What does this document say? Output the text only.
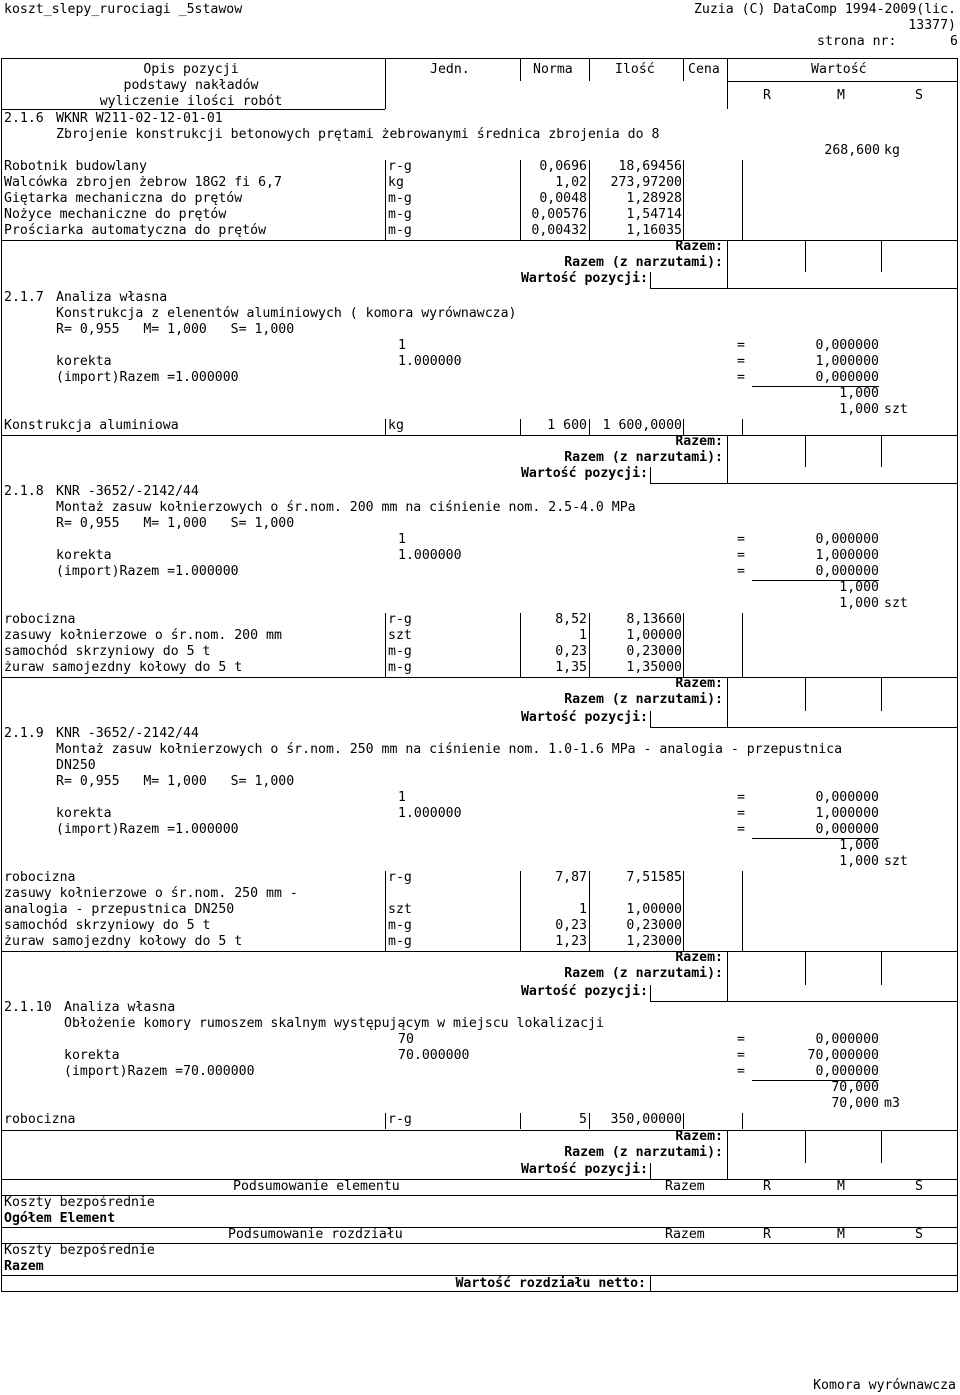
koszt_slepy_rurociagi _5stawow	Zuzia (C) DataComp 1994-2009(lic.
13377)
strona nr:	6
Opis pozycji
podstawy nakładów
wyliczenie ilości robót
Jedn.	Norma	Ilość	Cena	Wartość
R	M	S
2.1.6 WKNR W211-02-12-01-01
Zbrojenie konstrukcji betonowych prętami żebrowanymi średnica zbrojenia do 8
268,600 kg
Robotnik budowlany	r-g	0,0696	18,69456
Walcówka zbrojen żebrow 18G2 fi 6,7	kg	1,02	273,97200
Giętarka mechaniczna do prętów	m-g	0,0048	1,28928
Nożyce mechaniczne do prętów	m-g	0,00576	1,54714
Prościarka automatyczna do prętów	m-g	0,00432	1,16035
Razem:
Razem (z narzutami):
Wartość pozycji:
2.1.7 Analiza własna
Konstrukcja z elenentów aluminiowych ( komora wyrównawcza)
R= 0,955   M= 1,000   S= 1,000
1	=	0,000000
korekta	1.000000	=	1,000000
(import)Razem =1.000000	=	0,000000
1,000
1,000 szt
Konstrukcja aluminiowa	kg	1 600	1 600,0000
Razem:
Razem (z narzutami):
Wartość pozycji:
2.1.8 KNR -3652/-2142/44
Montaż zasuw kołnierzowych o śr.nom. 200 mm na ciśnienie nom. 2.5-4.0 MPa
R= 0,955   M= 1,000   S= 1,000
1	=	0,000000
korekta	1.000000	=	1,000000
(import)Razem =1.000000	=	0,000000
1,000
1,000 szt
robocizna	r-g	8,52	8,13660
zasuwy kołnierzowe o śr.nom. 200 mm	szt	1	1,00000
samochód skrzyniowy do 5 t	m-g	0,23	0,23000
żuraw samojezdny kołowy do 5 t	m-g	1,35	1,35000
Razem:
Razem (z narzutami):
Wartość pozycji:
2.1.9 KNR -3652/-2142/44
Montaż zasuw kołnierzowych o śr.nom. 250 mm na ciśnienie nom. 1.0-1.6 MPa - analogia - przepustnica
DN250
R= 0,955   M= 1,000   S= 1,000
1	=	0,000000
korekta	1.000000	=	1,000000
(import)Razem =1.000000	=	0,000000
1,000
1,000 szt
robocizna	r-g	7,87	7,51585
zasuwy kołnierzowe o śr.nom. 250 mm -
analogia - przepustnica DN250	szt	1	1,00000
samochód skrzyniowy do 5 t	m-g	0,23	0,23000
żuraw samojezdny kołowy do 5 t	m-g	1,23	1,23000
Razem:
Razem (z narzutami):
Wartość pozycji:
2.1.10 Analiza własna
Obłożenie komory rumoszem skalnym występującym w miejscu lokalizacji
70	=	0,000000
korekta	70.000000	=	70,000000
(import)Razem =70.000000	=	0,000000
70,000
70,000 m3
robocizna	r-g	5	350,00000
Razem:
Razem (z narzutami):
Wartość pozycji:
Podsumowanie elementu	Razem	R	M	S
Koszty bezpośrednie
Ogółem Element
Podsumowanie rozdziału	Razem	R	M	S
Koszty bezpośrednie
Razem
Wartość rozdziału netto:
Komora wyrównawcza
